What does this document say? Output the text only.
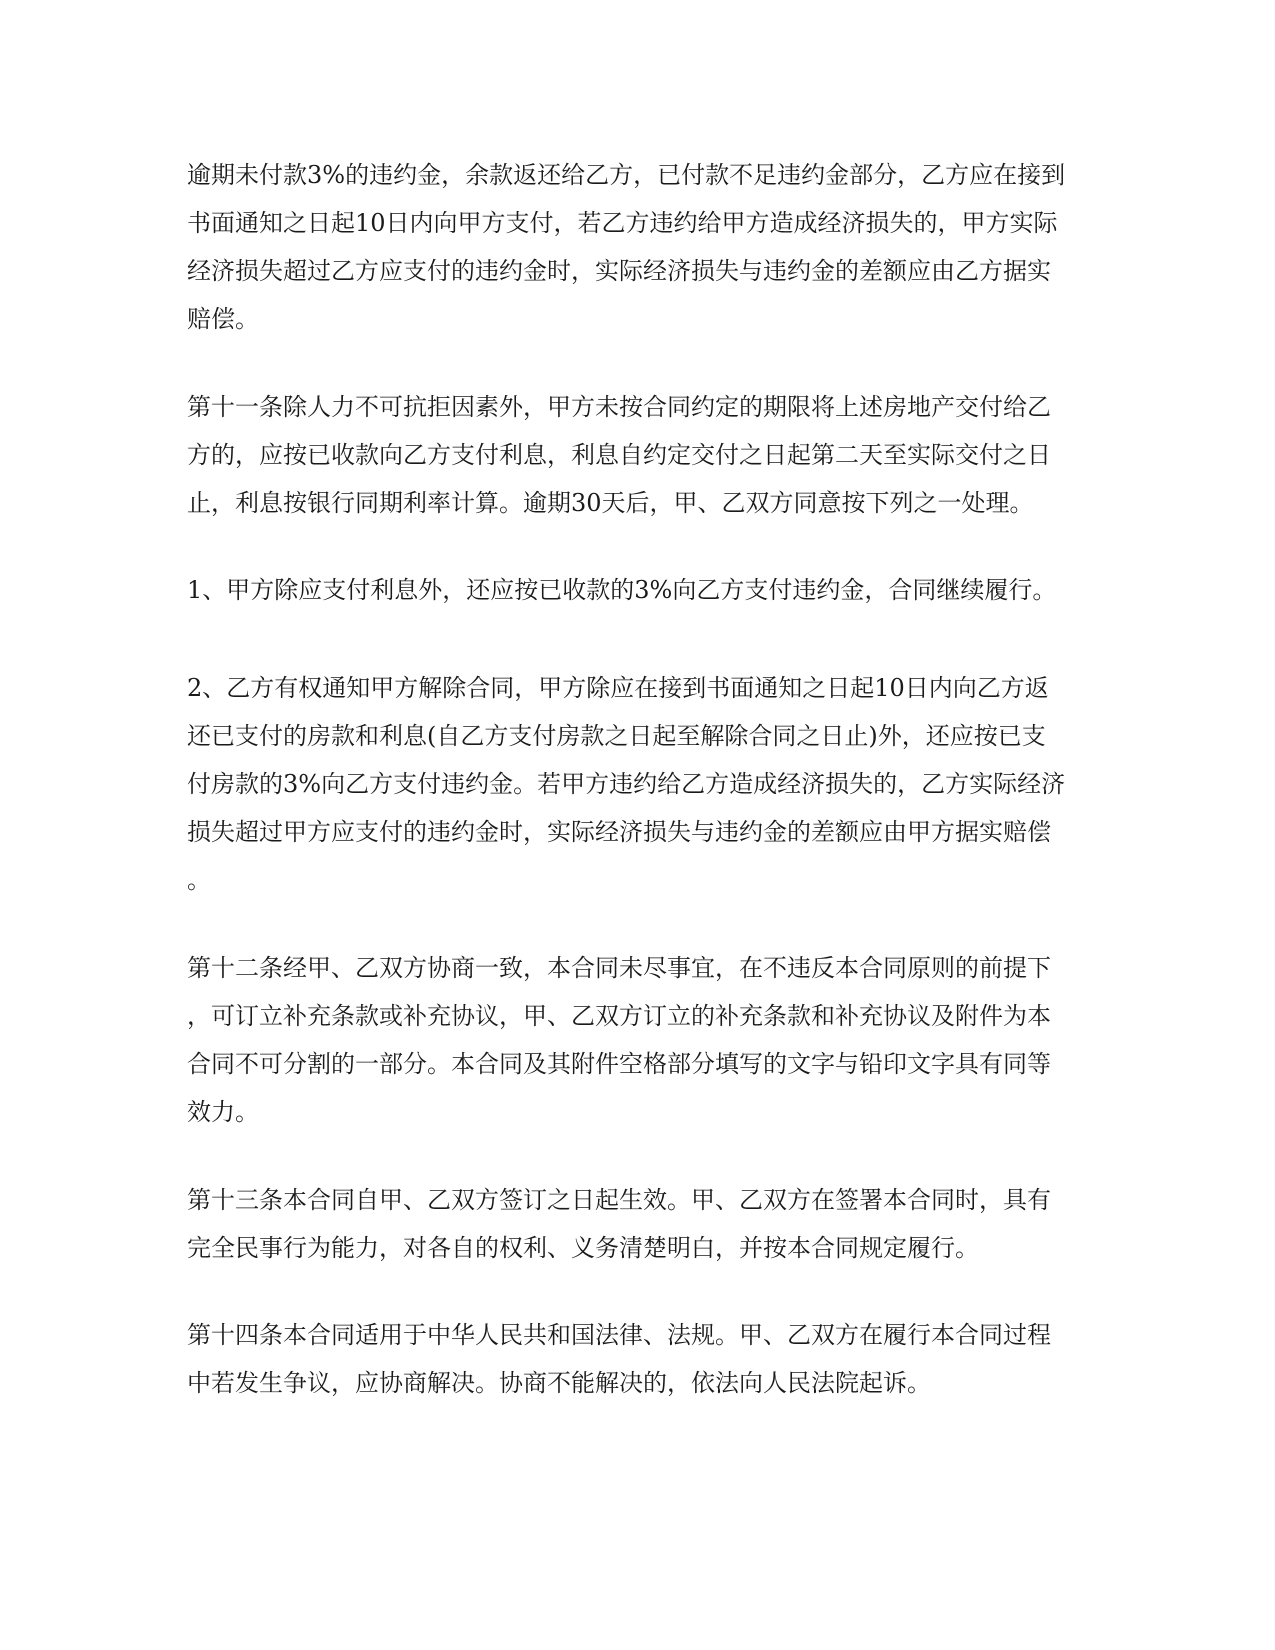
逾期未付款3%的违约金，余款返还给乙方，已付款不足违约金部分，乙方应在接到
书面通知之日起10日内向甲方支付，若乙方违约给甲方造成经济损失的，甲方实际
经济损失超过乙方应支付的违约金时，实际经济损失与违约金的差额应由乙方据实
赔偿。
第十一条除人力不可抗拒因素外，甲方未按合同约定的期限将上述房地产交付给乙
方的，应按已收款向乙方支付利息，利息自约定交付之日起第二天至实际交付之日
止，利息按银行同期利率计算。逾期30天后，甲、乙双方同意按下列之一处理。
1、甲方除应支付利息外，还应按已收款的3%向乙方支付违约金，合同继续履行。
2、乙方有权通知甲方解除合同，甲方除应在接到书面通知之日起10日内向乙方返
还已支付的房款和利息(自乙方支付房款之日起至解除合同之日止)外，还应按已支
付房款的3%向乙方支付违约金。若甲方违约给乙方造成经济损失的，乙方实际经济
损失超过甲方应支付的违约金时，实际经济损失与违约金的差额应由甲方据实赔偿
。
第十二条经甲、乙双方协商一致，本合同未尽事宜，在不违反本合同原则的前提下
，可订立补充条款或补充协议，甲、乙双方订立的补充条款和补充协议及附件为本
合同不可分割的一部分。本合同及其附件空格部分填写的文字与铅印文字具有同等
效力。
第十三条本合同自甲、乙双方签订之日起生效。甲、乙双方在签署本合同时，具有
完全民事行为能力，对各自的权利、义务清楚明白，并按本合同规定履行。
第十四条本合同适用于中华人民共和国法律、法规。甲、乙双方在履行本合同过程
中若发生争议，应协商解决。协商不能解决的，依法向人民法院起诉。
